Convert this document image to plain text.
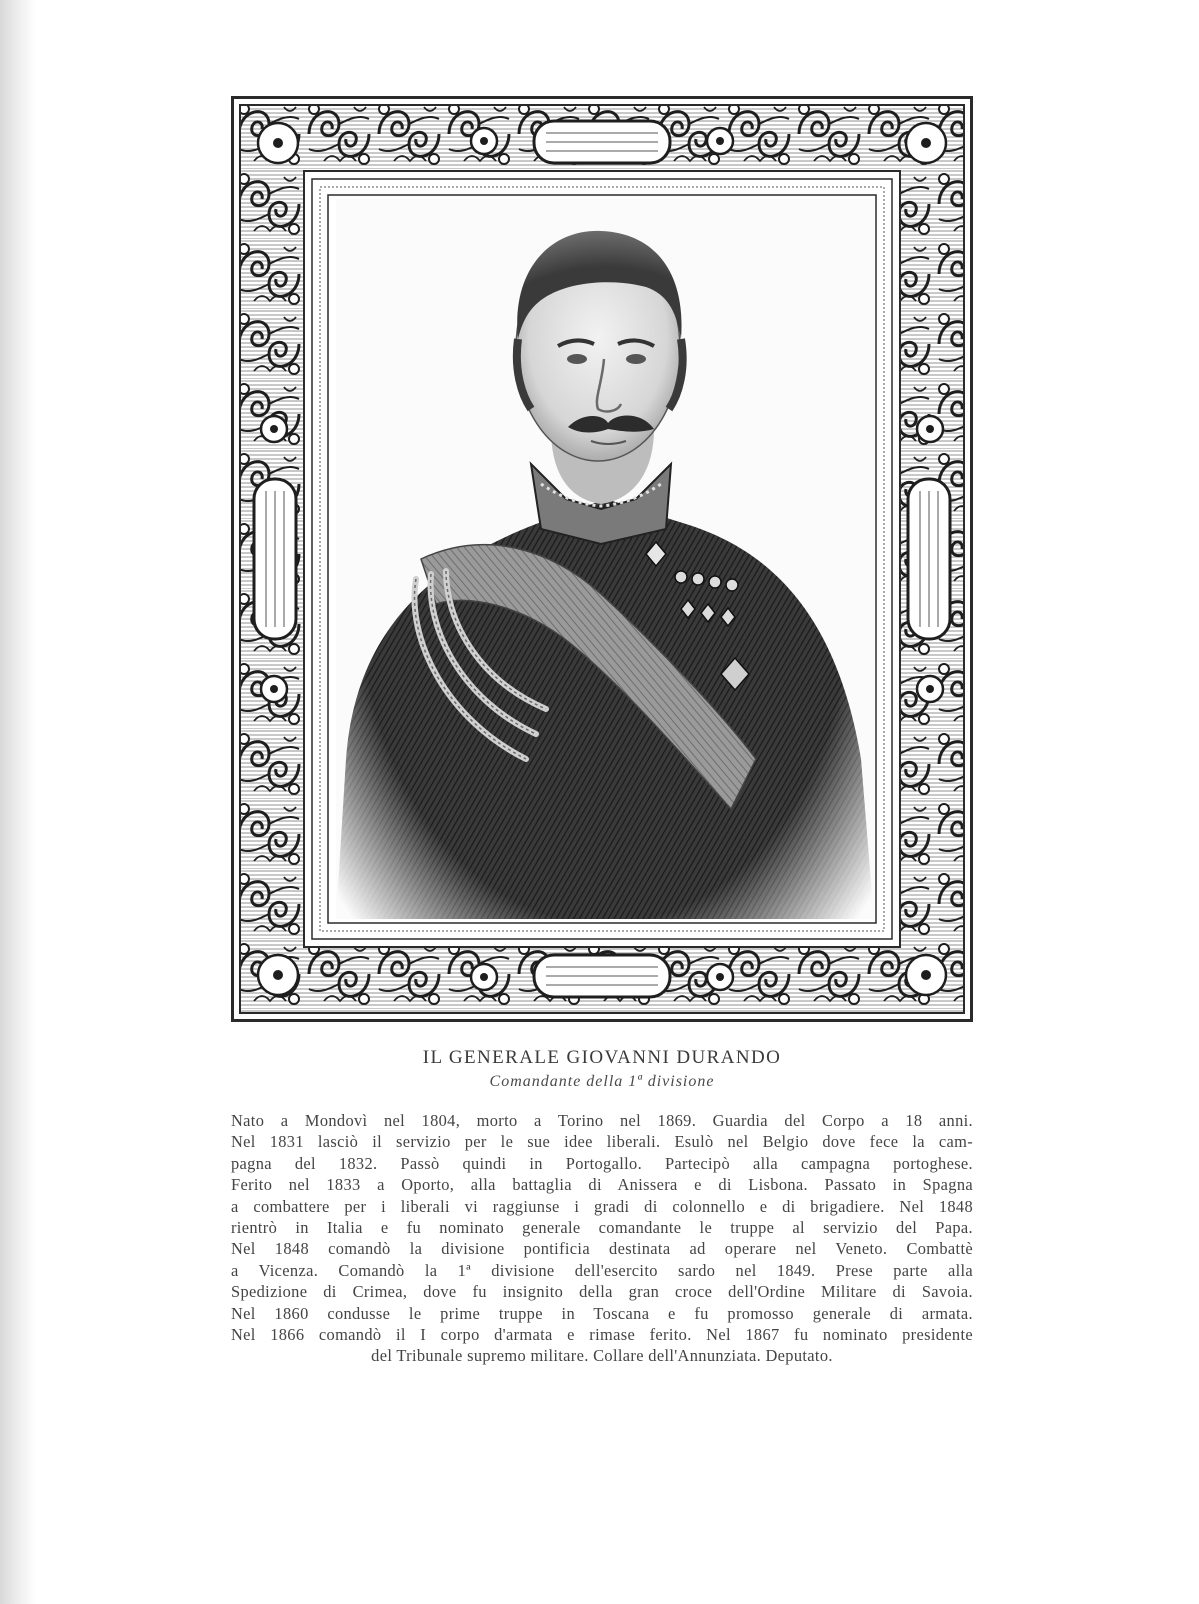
IL GENERALE GIOVANNI DURANDO
Comandante della 1ª divisione
Nato a Mondovì nel 1804, morto a Torino nel 1869. Guardia del Corpo a 18 anni.
Nel 1831 lasciò il servizio per le sue idee liberali. Esulò nel Belgio dove fece la cam-
pagna del 1832. Passò quindi in Portogallo. Partecipò alla campagna portoghese.
Ferito nel 1833 a Oporto, alla battaglia di Anissera e di Lisbona. Passato in Spagna
a combattere per i liberali vi raggiunse i gradi di colonnello e di brigadiere. Nel 1848
rientrò in Italia e fu nominato generale comandante le truppe al servizio del Papa.
Nel 1848 comandò la divisione pontificia destinata ad operare nel Veneto. Combattè
a Vicenza. Comandò la 1ª divisione dell'esercito sardo nel 1849. Prese parte alla
Spedizione di Crimea, dove fu insignito della gran croce dell'Ordine Militare di Savoia.
Nel 1860 condusse le prime truppe in Toscana e fu promosso generale di armata.
Nel 1866 comandò il I corpo d'armata e rimase ferito. Nel 1867 fu nominato presidente
del Tribunale supremo militare. Collare dell'Annunziata. Deputato.
